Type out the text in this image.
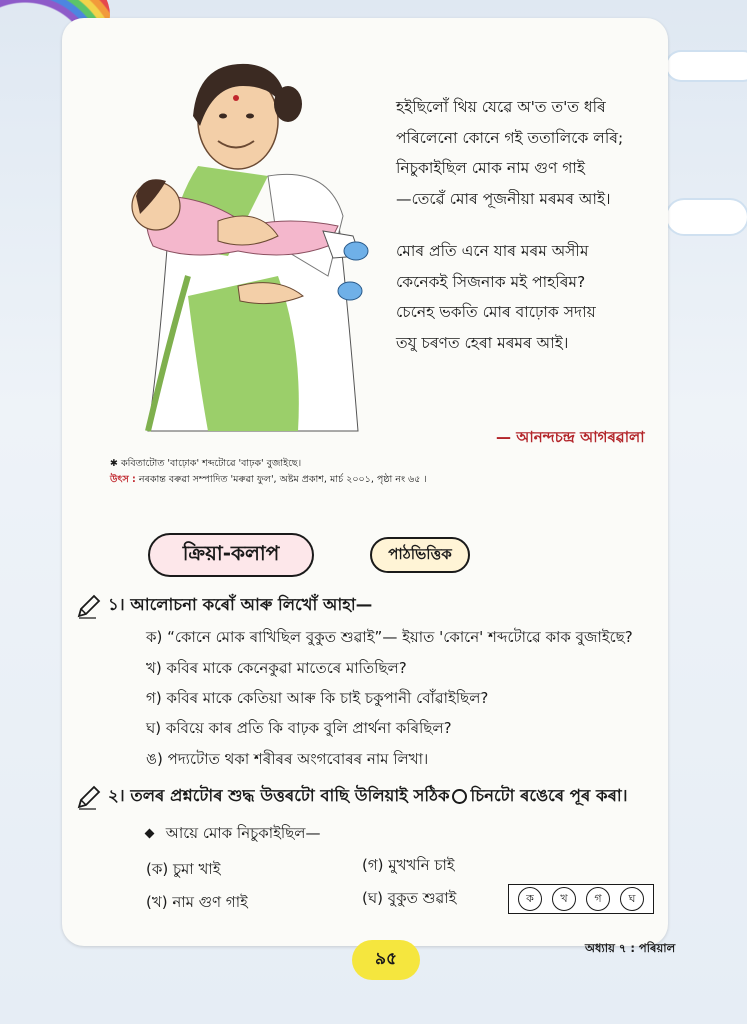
হইছিলোঁ থিয় যেৱে অ'ত ত'ত ধৰি
পৰিলেনো কোনে গই ততালিকে লৰি;
নিচুকাইছিল মোক নাম গুণ গাই
—তেৱেঁ মোৰ পূজনীয়া মৰমৰ আই।
মোৰ প্ৰতি এনে যাৰ মৰম অসীম
কেনেকই সিজনাক মই পাহৰিম?
চেনেহ ভকতি মোৰ বাঢ়োক সদায়
তযু চৰণত হেৰা মৰমৰ আই।
— আনন্দচন্দ্ৰ আগৰৱালা
✱ কবিতাটোত 'বাঢ়োক' শব্দটোৱে 'বাঢ়ক' বুজাইছে।
উৎস : নৰকান্ত বৰুৱা সম্পাদিত 'মৰুৱা ফুল', অষ্টম প্ৰকাশ, মাৰ্চ ২০০১, পৃষ্ঠা নং ৬৫ ।
ক্রিয়া-কলাপ	পাঠভিত্তিক
১। আলোচনা কৰোঁ আৰু লিখোঁ আহা—
ক) “কোনে মোক ৰাখিছিল বুকুত শুৱাই”— ইয়াত 'কোনে' শব্দটোৱে কাক বুজাইছে?
খ) কবিৰ মাকে কেনেকুৱা মাতেৰে মাতিছিল?
গ) কবিৰ মাকে কেতিয়া আৰু কি চাই চকুপানী বোঁৱাইছিল?
ঘ) কবিয়ে কাৰ প্ৰতি কি বাঢ়ক বুলি প্ৰাৰ্থনা কৰিছিল?
ঙ) পদ্যটোত থকা শৰীৰৰ অংগবোৰৰ নাম লিখা।
২। তলৰ প্ৰশ্নটোৰ শুদ্ধ উত্তৰটো বাছি উলিয়াই সঠিক চিনটো ৰঙেৰে পূৰ কৰা।
আয়ে মোক নিচুকাইছিল—
(ক) চুমা খাই
(খ) নাম গুণ গাই
(গ) মুখখনি চাই
(ঘ) বুকুত শুৱাই	ক	খ	গ	ঘ
৯৫
অধ্যায় ৭ : পৰিয়াল
